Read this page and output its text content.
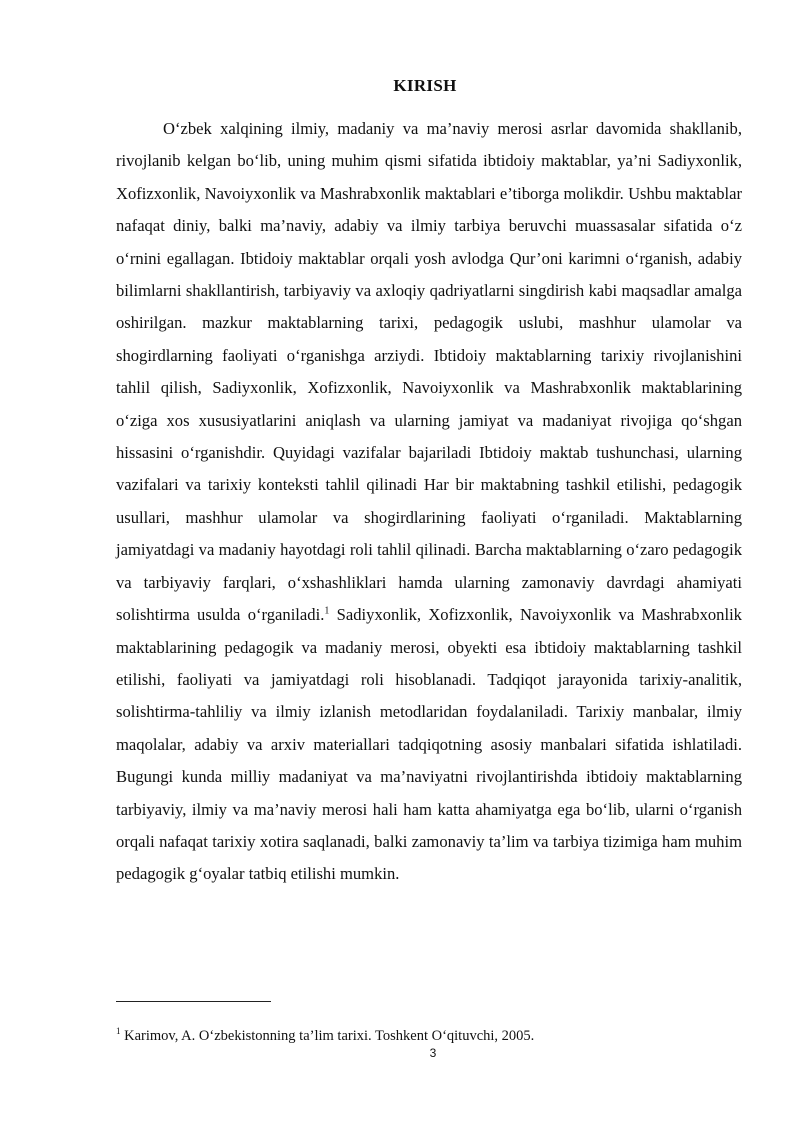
KIRISH

O‘zbek xalqining ilmiy, madaniy va ma’naviy merosi asrlar davomida shakllanib, rivojlanib kelgan bo‘lib, uning muhim qismi sifatida ibtidoiy maktablar, ya’ni Sadiyxonlik, Xofizxonlik, Navoiyxonlik va Mashrabxonlik maktablari e’tiborga molikdir. Ushbu maktablar nafaqat diniy, balki ma’naviy, adabiy va ilmiy tarbiya beruvchi muassasalar sifatida o‘z o‘rnini egallagan. Ibtidoiy maktablar orqali yosh avlodga Qur’oni karimni o‘rganish, adabiy bilimlarni shakllantirish, tarbiyaviy va axloqiy qadriyatlarni singdirish kabi maqsadlar amalga oshirilgan. mazkur maktablarning tarixi, pedagogik uslubi, mashhur ulamolar va shogirdlarning faoliyati o‘rganishga arziydi. Ibtidoiy maktablarning tarixiy rivojlanishini tahlil qilish, Sadiyxonlik, Xofizxonlik, Navoiyxonlik va Mashrabxonlik maktablarining o‘ziga xos xususiyatlarini aniqlash va ularning jamiyat va madaniyat rivojiga qo‘shgan hissasini o‘rganishdir. Quyidagi vazifalar bajariladi Ibtidoiy maktab tushunchasi, ularning vazifalari va tarixiy konteksti tahlil qilinadi Har bir maktabning tashkil etilishi, pedagogik usullari, mashhur ulamolar va shogirdlarining faoliyati o‘rganiladi. Maktablarning jamiyatdagi va madaniy hayotdagi roli tahlil qilinadi. Barcha maktablarning o‘zaro pedagogik va tarbiyaviy farqlari, o‘xshashliklari hamda ularning zamonaviy davrdagi ahamiyati solishtirma usulda o‘rganiladi.$^1$ Sadiyxonlik, Xofizxonlik, Navoiyxonlik va Mashrabxonlik maktablarining pedagogik va madaniy merosi, obyekti esa ibtidoiy maktablarning tashkil etilishi, faoliyati va jamiyatdagi roli hisoblanadi. Tadqiqot jarayonida tarixiy-analitik, solishtirma-tahliliy va ilmiy izlanish metodlaridan foydalaniladi. Tarixiy manbalar, ilmiy maqolalar, adabiy va arxiv materiallari tadqiqotning asosiy manbalari sifatida ishlatiladi. Bugungi kunda milliy madaniyat va ma’naviyatni rivojlantirishda ibtidoiy maktablarning tarbiyaviy, ilmiy va ma’naviy merosi hali ham katta ahamiyatga ega bo‘lib, ularni o‘rganish orqali nafaqat tarixiy xotira saqlanadi, balki zamonaviy ta’lim va tarbiya tizimiga ham muhim pedagogik g‘oyalar tatbiq etilishi mumkin.

$^1$ Karimov, A. O‘zbekistonning ta’lim tarixi. Toshkent O‘qituvchi, 2005.
3
